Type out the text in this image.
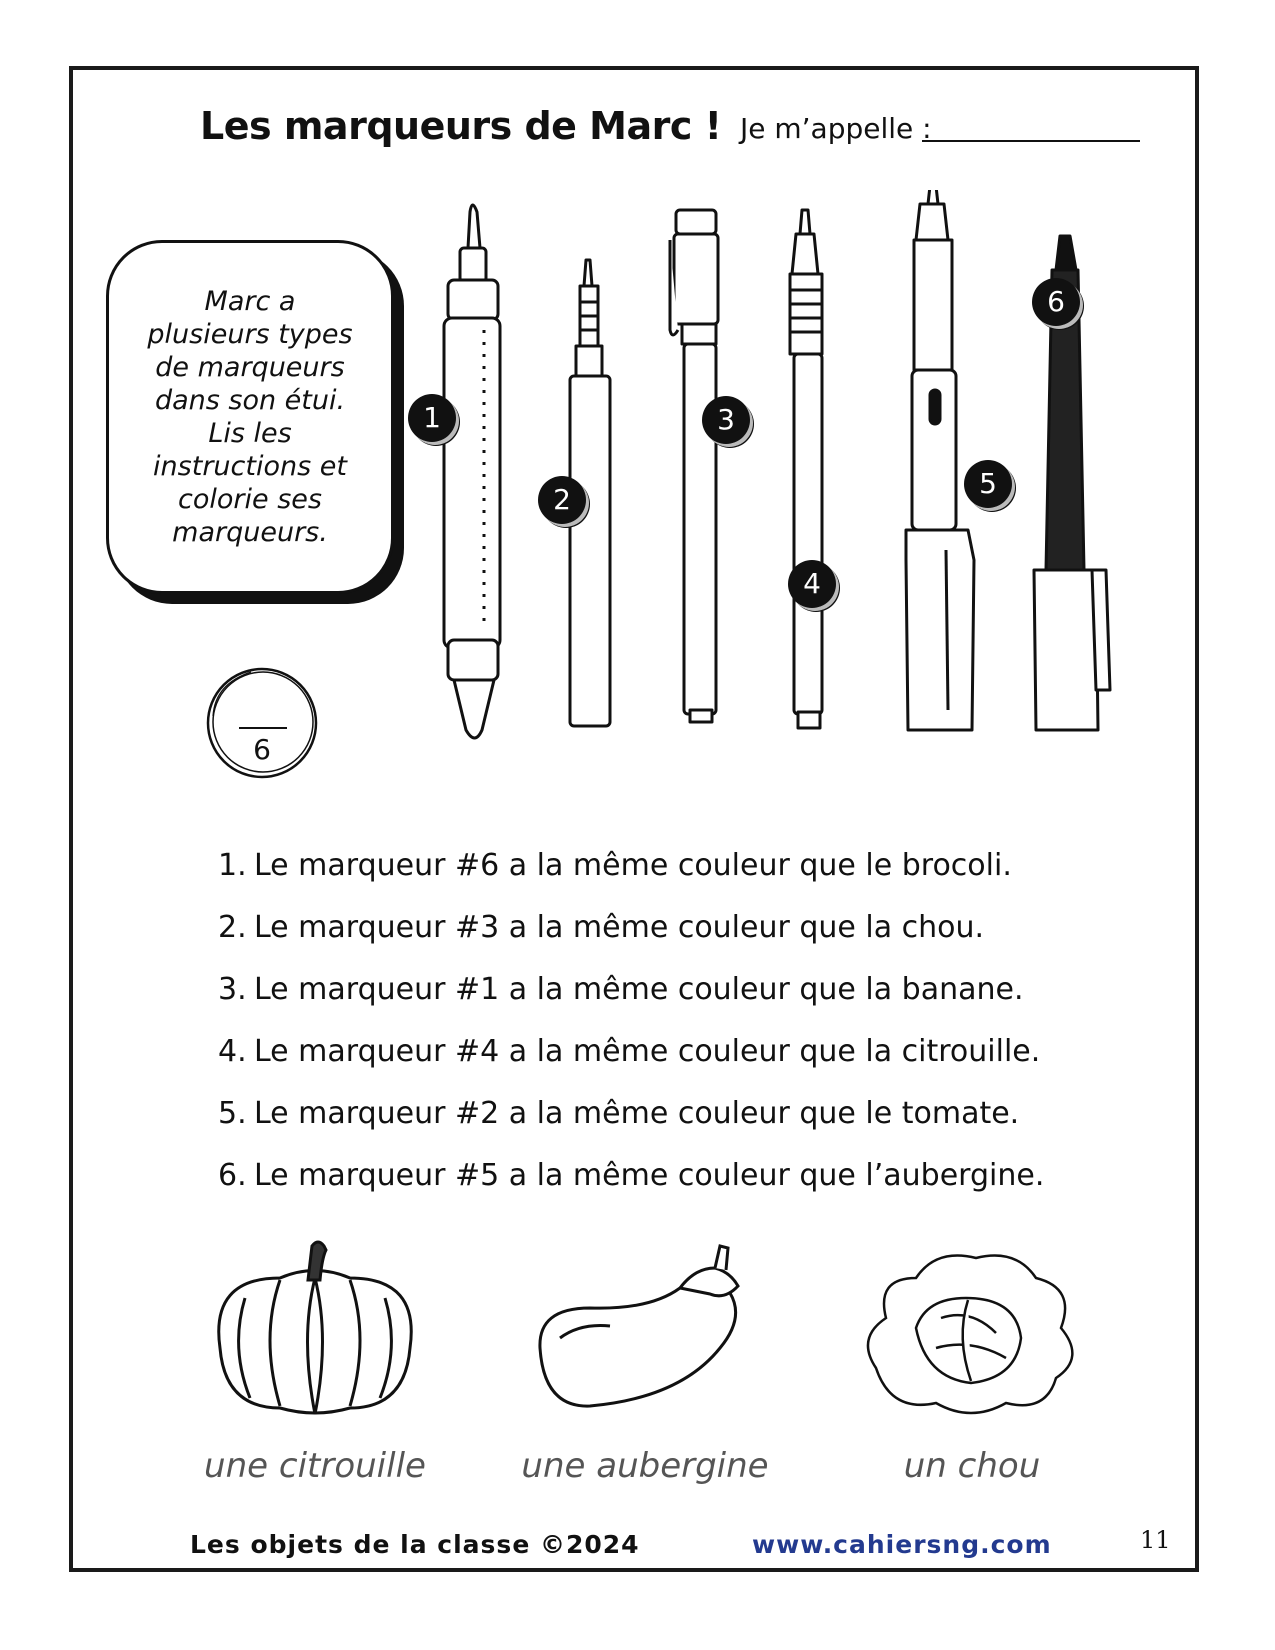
Les marqueurs de Marc ! Je m’appelle :
Marc a plusieurs types de marqueurs dans son étui. Lis les instructions et colorie ses marqueurs.
6
1
2
3
4
5
6
1. Le marqueur #6 a la même couleur que le brocoli.
2. Le marqueur #3 a la même couleur que la chou.
3. Le marqueur #1 a la même couleur que la banane.
4. Le marqueur #4 a la même couleur que la citrouille.
5. Le marqueur #2 a la même couleur que le tomate.
6. Le marqueur #5 a la même couleur que l’aubergine.
une citrouille	une aubergine	un chou
Les objets de la classe ©2024	www.cahiersng.com	11
